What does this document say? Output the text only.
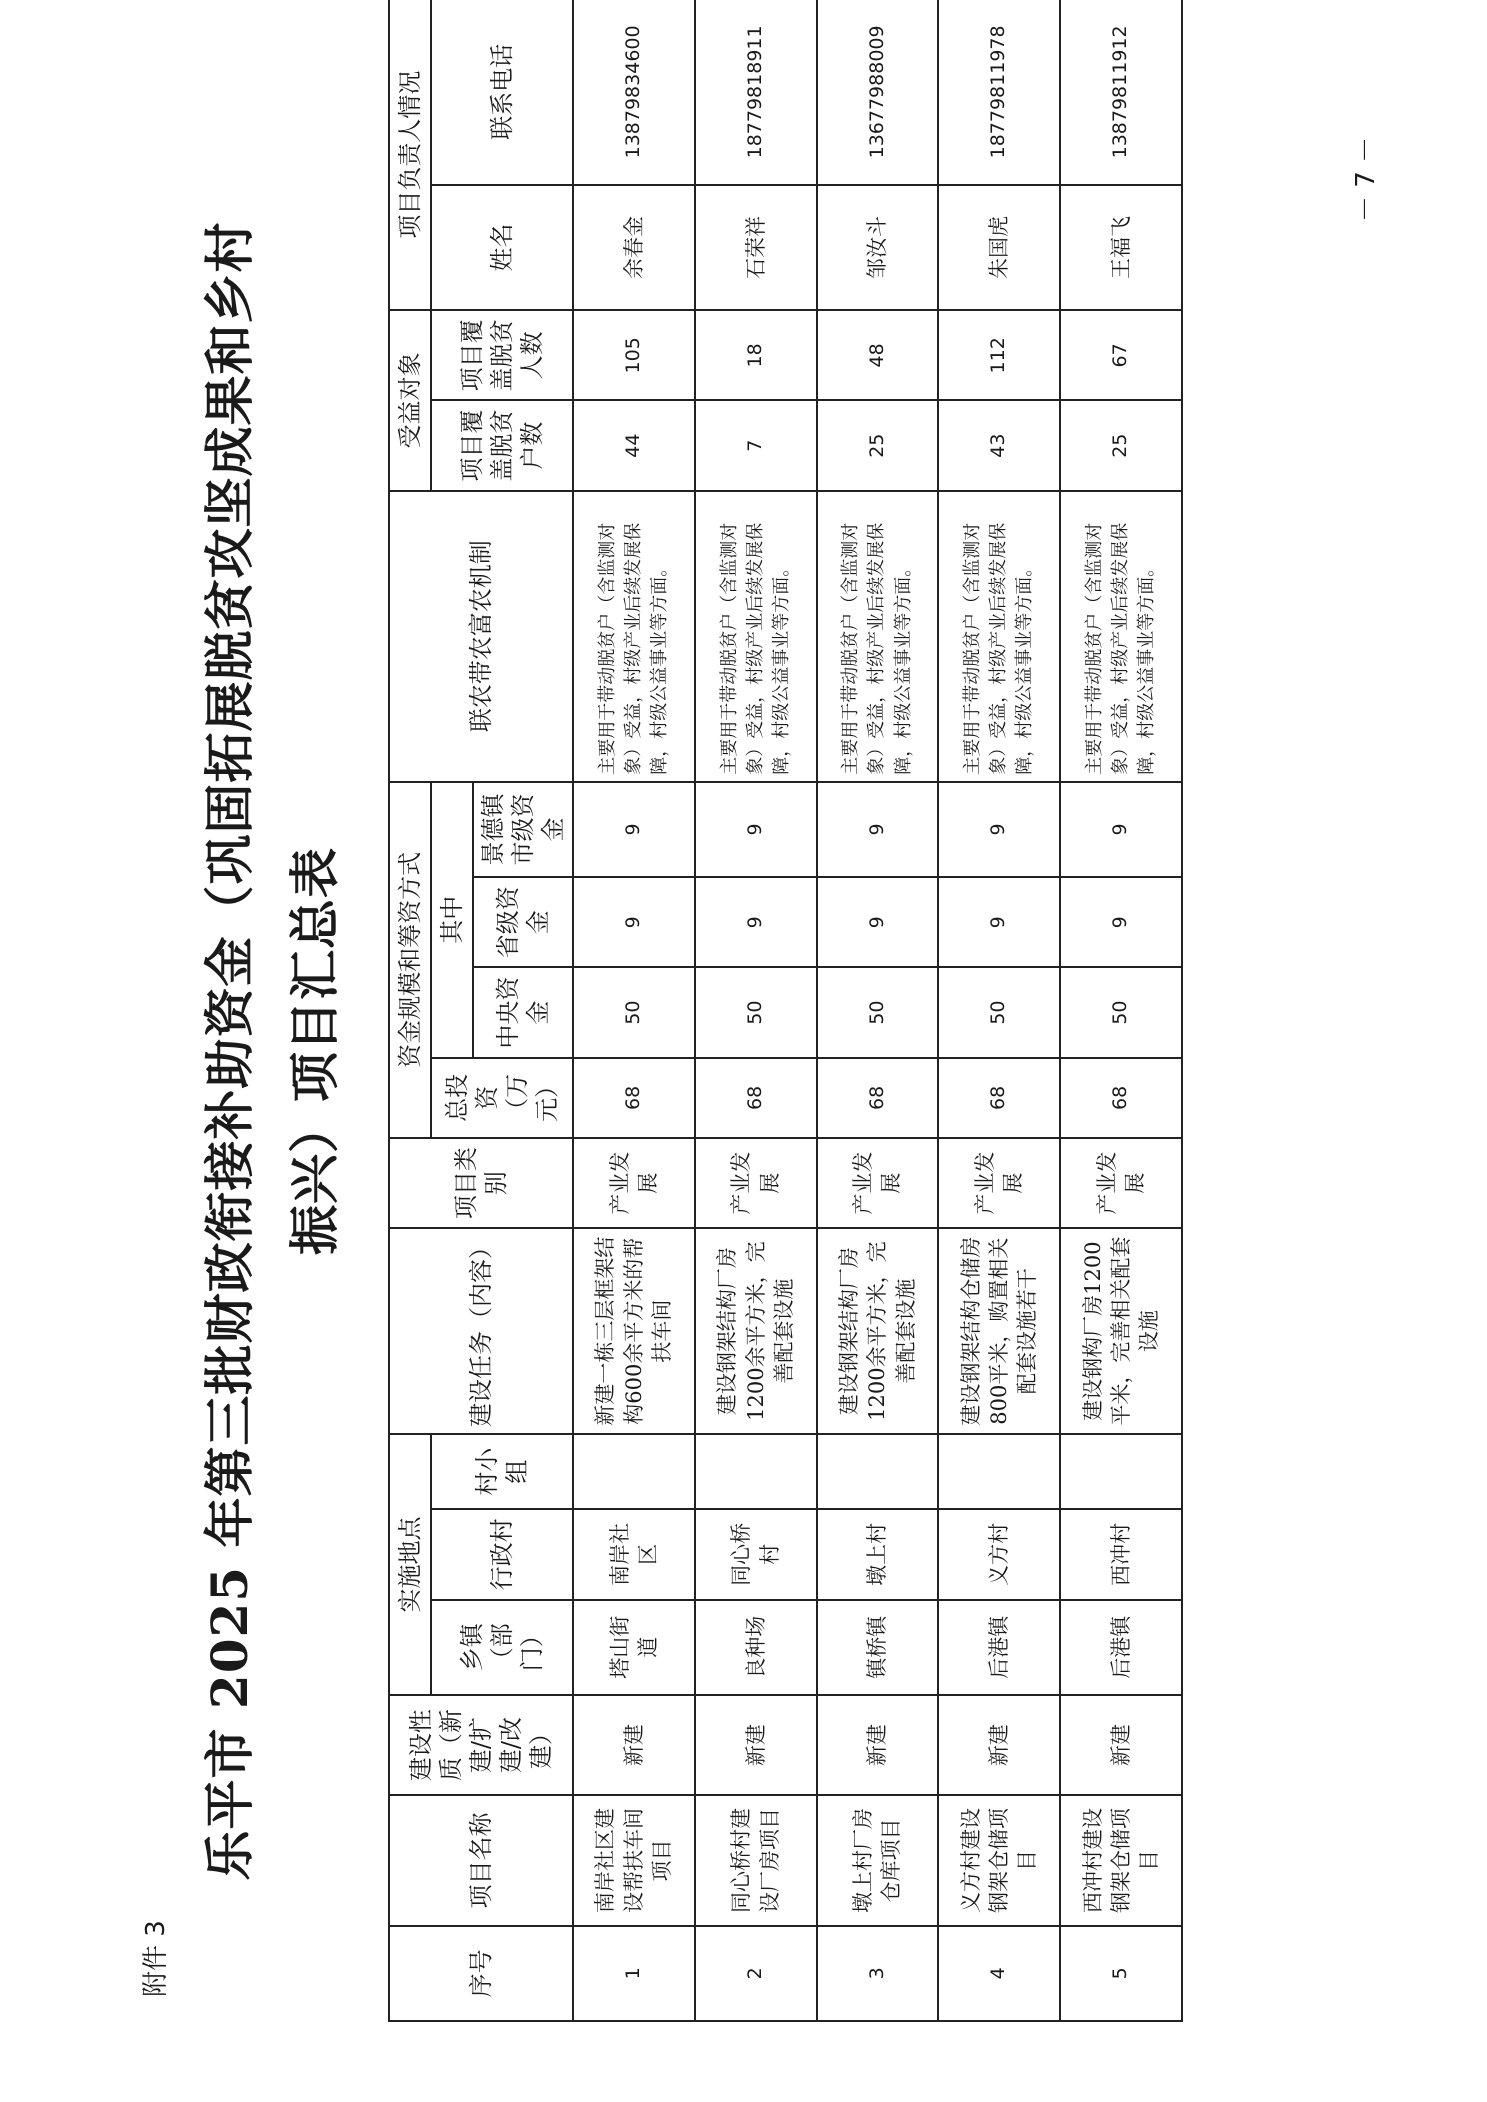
附件 3
乐平市 2025 年第三批财政衔接补助资金（巩固拓展脱贫攻坚成果和乡村 振兴）项目汇总表
序号	项目名称	建设性质（新建/扩建/改建）	实施地点			建设任务（内容）	项目类别	资金规模和筹资方式				联农带农富农机制	受益对象		项目负责人情况	
			乡镇（部门）	行政村	村小组			总投资（万元）	其中				项目覆盖脱贫户数	项目覆盖脱贫人数	姓名	联系电话
									中央资金	省级资金	景德镇市级资金					
1	南岸社区建设帮扶车间项目	新建	塔山街道	南岸社区		新建一栋三层框架结构600余平方米的帮扶车间	产业发展	68	50	9	9	主要用于带动脱贫户（含监测对象）受益，村级产业后续发展保障，村级公益事业等方面。	44	105	余春金	13879834600
2	同心桥村建设厂房项目	新建	良种场	同心桥村		建设钢架结构厂房1200余平方米，完善配套设施	产业发展	68	50	9	9	主要用于带动脱贫户（含监测对象）受益，村级产业后续发展保障，村级公益事业等方面。	7	18	石荣祥	18779818911
3	墩上村厂房仓库项目	新建	镇桥镇	墩上村		建设钢架结构厂房1200余平方米，完善配套设施	产业发展	68	50	9	9	主要用于带动脱贫户（含监测对象）受益，村级产业后续发展保障，村级公益事业等方面。	25	48	邹汝斗	13677988009
4	义方村建设钢架仓储项目	新建	后港镇	义方村		建设钢架结构仓储房800平米，购置相关配套设施若干	产业发展	68	50	9	9	主要用于带动脱贫户（含监测对象）受益，村级产业后续发展保障，村级公益事业等方面。	43	112	朱国虎	18779811978
5	西冲村建设钢架仓储项目	新建	后港镇	西冲村		建设钢构厂房1200平米，完善相关配套设施	产业发展	68	50	9	9	主要用于带动脱贫户（含监测对象）受益，村级产业后续发展保障，村级公益事业等方面。	25	67	王福飞	13879811912
－ 7 －
